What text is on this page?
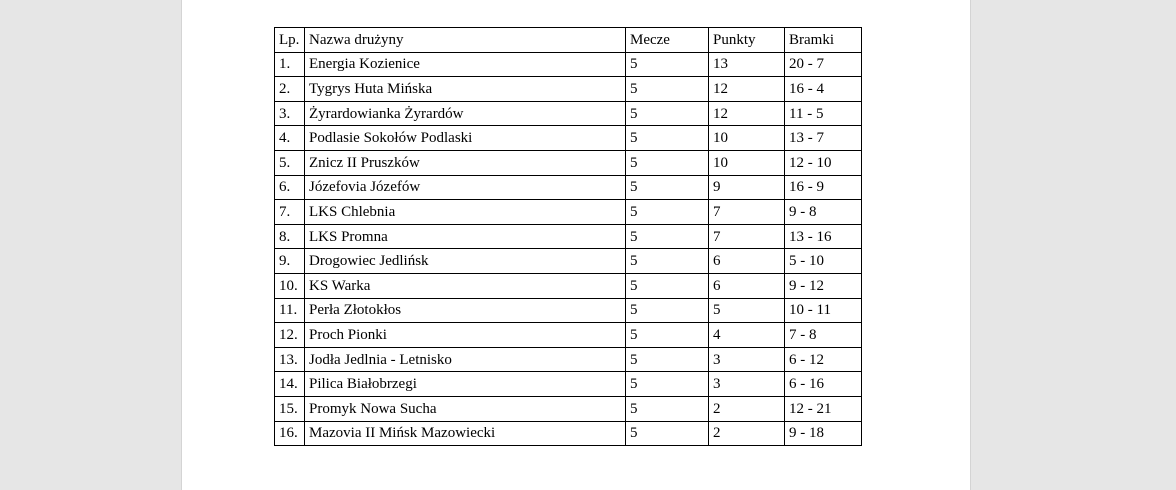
Lp.	Nazwa drużyny	Mecze	Punkty	Bramki
1.	Energia Kozienice	5	13	20 - 7
2.	Tygrys Huta Mińska	5	12	16 - 4
3.	Żyrardowianka Żyrardów	5	12	11 - 5
4.	Podlasie Sokołów Podlaski	5	10	13 - 7
5.	Znicz II Pruszków	5	10	12 - 10
6.	Józefovia Józefów	5	9	16 - 9
7.	LKS Chlebnia	5	7	9 - 8
8.	LKS Promna	5	7	13 - 16
9.	Drogowiec Jedlińsk	5	6	5 - 10
10.	KS Warka	5	6	9 - 12
11.	Perła Złotokłos	5	5	10 - 11
12.	Proch Pionki	5	4	7 - 8
13.	Jodła Jedlnia - Letnisko	5	3	6 - 12
14.	Pilica Białobrzegi	5	3	6 - 16
15.	Promyk Nowa Sucha	5	2	12 - 21
16.	Mazovia II Mińsk Mazowiecki	5	2	9 - 18
